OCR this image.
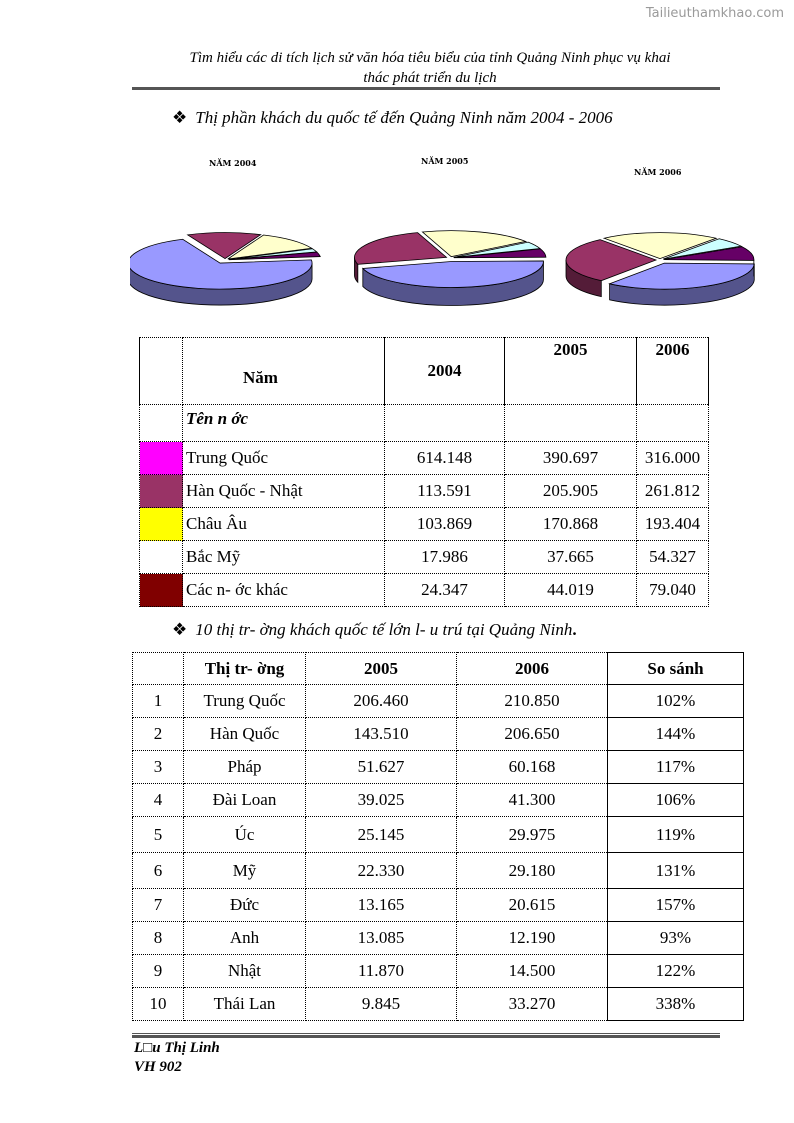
Tailieuthamkhao.com
Tìm hiểu các di tích lịch sử văn hóa tiêu biểu của tỉnh Quảng Ninh phục vụ khai
thác phát triển du lịch
❖ Thị phần khách du quốc tế đến Quảng Ninh năm 2004 - 2006
NĂM 2004	NĂM 2005
NĂM 2006
	Năm	2004	2005	2006
	Tên n ớc			
	Trung Quốc	614.148	390.697	316.000
	Hàn Quốc - Nhật	113.591	205.905	261.812
	Châu Âu	103.869	170.868	193.404
	Bắc Mỹ	17.986	37.665	54.327
	Các n- ớc khác	24.347	44.019	79.040
❖ 10 thị tr- ờng khách quốc tế lớn l- u trú tại Quảng Ninh.
	Thị tr- ờng	2005	2006	So sánh
1	Trung Quốc	206.460	210.850	102%
2	Hàn Quốc	143.510	206.650	144%
3	Pháp	51.627	60.168	117%
4	Đài Loan	39.025	41.300	106%
5	Úc	25.145	29.975	119%
6	Mỹ	22.330	29.180	131%
7	Đức	13.165	20.615	157%
8	Anh	13.085	12.190	93%
9	Nhật	11.870	14.500	122%
10	Thái Lan	9.845	33.270	338%
L□u Thị Linh
VH 902
